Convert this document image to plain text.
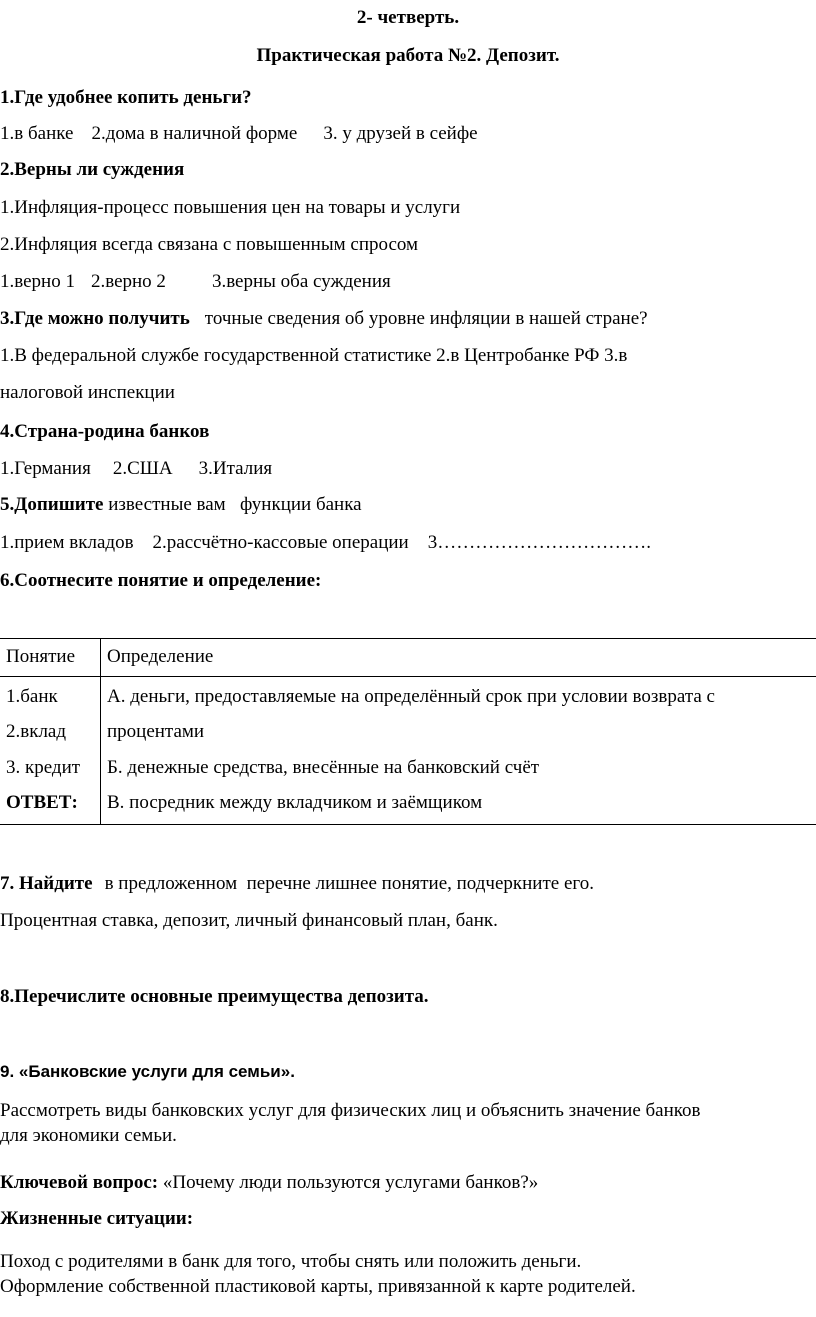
2- четверть.
Практическая работа №2. Депозит.
1.Где удобнее копить деньги?
1.в банке 2.дома в наличной форме 3. у друзей в сейфе
2.Верны ли суждения
1.Инфляция-процесс повышения цен на товары и услуги
2.Инфляция всегда связана с повышенным спросом
1.верно 1 2.верно 2 3.верны оба суждения
3.Где можно получить точные сведения об уровне инфляции в нашей стране?
1.В федеральной службе государственной статистике 2.в Центробанке РФ 3.в
налоговой инспекции
4.Страна-родина банков
1.Германия 2.США 3.Италия
5.Допишите известные вам   функции банка
1.прием вкладов    2.рассчётно-кассовые операции    3…………………………….
6.Соотнесите понятие и определение:
Понятие	Определение
1.банк	А. деньги, предоставляемые на определённый срок при условии возврата с
2.вклад	процентами
3. кредит	Б. денежные средства, внесённые на банковский счёт
ОТВЕТ:	В. посредник между вкладчиком и заёмщиком
7. Найдите в предложенном  перечне лишнее понятие, подчеркните его.
Процентная ставка, депозит, личный финансовый план, банк.
8.Перечислите основные преимущества депозита.
9. «Банковские услуги для семьи».
Рассмотреть виды банковских услуг для физических лиц и объяснить значение банков
для экономики семьи.
Ключевой вопрос: «Почему люди пользуются услугами банков?»
Жизненные ситуации:
Поход с родителями в банк для того, чтобы снять или положить деньги.
Оформление собственной пластиковой карты, привязанной к карте родителей.
